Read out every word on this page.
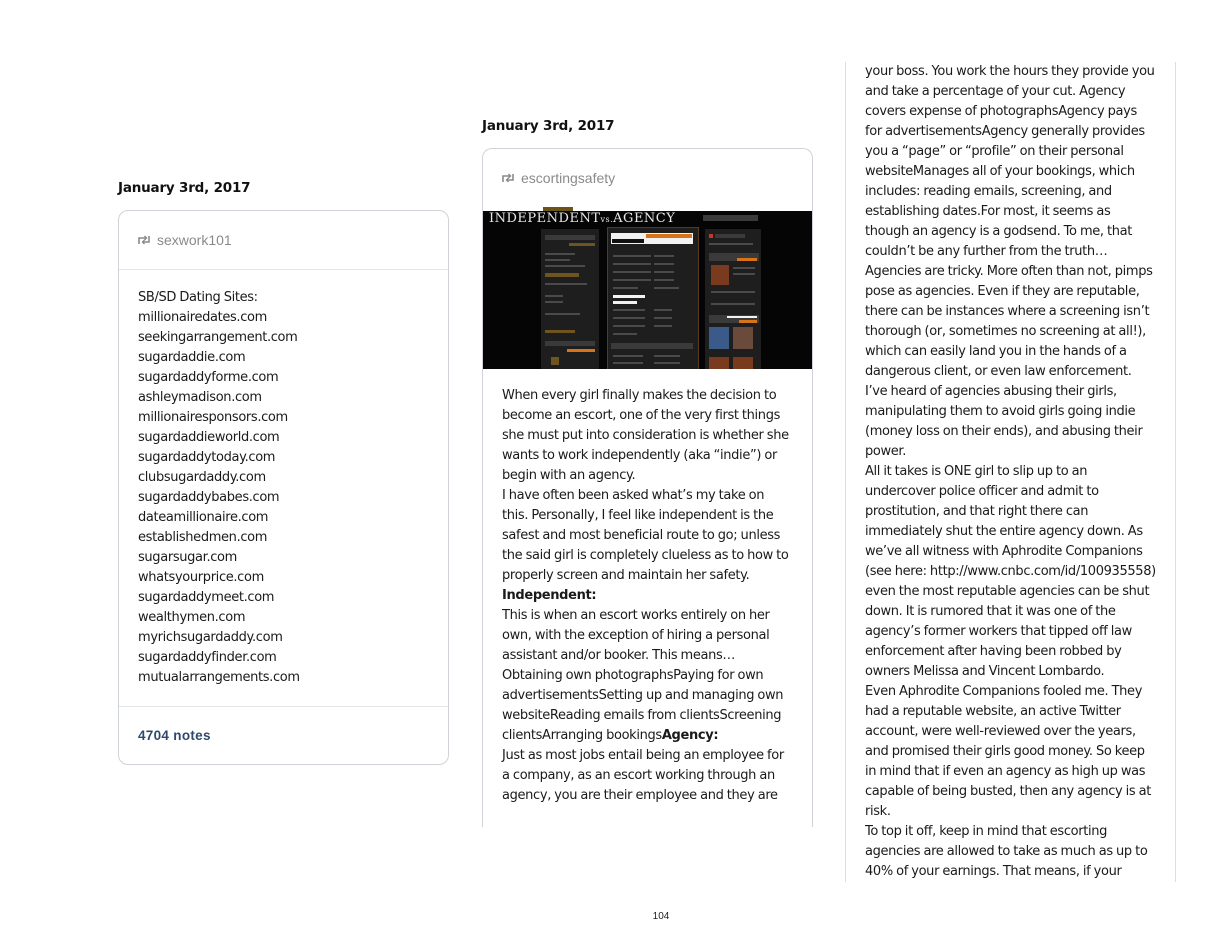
January 3rd, 2017
sexwork101
SB/SD Dating Sites:
millionairedates.com
seekingarrangement.com
sugardaddie.com
sugardaddyforme.com
ashleymadison.com
millionairesponsors.com
sugardaddieworld.com
sugardaddytoday.com
clubsugardaddy.com
sugardaddybabes.com
dateamillionaire.com
establishedmen.com
sugarsugar.com
whatsyourprice.com
sugardaddymeet.com
wealthymen.com
myrichsugardaddy.com
sugardaddyfinder.com
mutualarrangements.com
4704 notes
January 3rd, 2017
escortingsafety
INDEPENDENTvs.AGENCY

When every girl finally makes the decision to become an escort, one of the very first things she must put into consideration is whether she wants to work independently (aka “indie”) or begin with an agency.

I have often been asked what’s my take on this. Personally, I feel like independent is the safest and most beneficial route to go; unless the said girl is completely clueless as to how to properly screen and maintain her safety.

Independent:

This is when an escort works entirely on her own, with the exception of hiring a personal assistant and/or booker. This means…Obtaining own photographsPaying for own advertisementsSetting up and managing own websiteReading emails from clientsScreening clientsArranging bookingsAgency:

Just as most jobs entail being an employee for a company, as an escort working through an agency, you are their employee and they are

your boss. You work the hours they provide you and take a percentage of your cut. Agency covers expense of photographsAgency pays for advertisementsAgency generally provides you a “page” or “profile” on their personal websiteManages all of your bookings, which includes: reading emails, screening, and establishing dates.For most, it seems as though an agency is a godsend. To me, that couldn’t be any further from the truth…

Agencies are tricky. More often than not, pimps pose as agencies. Even if they are reputable, there can be instances where a screening isn’t thorough (or, sometimes no screening at all!), which can easily land you in the hands of a dangerous client, or even law enforcement. I’ve heard of agencies abusing their girls, manipulating them to avoid girls going indie (money loss on their ends), and abusing their power.

All it takes is ONE girl to slip up to an undercover police officer and admit to prostitution, and that right there can immediately shut the entire agency down. As we’ve all witness with Aphrodite Companions (see here: http://www.cnbc.com/id/100935558) even the most reputable agencies can be shut down. It is rumored that it was one of the agency’s former workers that tipped off law enforcement after having been robbed by owners Melissa and Vincent Lombardo.

Even Aphrodite Companions fooled me. They had a reputable website, an active Twitter account, were well-reviewed over the years, and promised their girls good money. So keep in mind that if even an agency as high up was capable of being busted, then any agency is at risk.

To top it off, keep in mind that escorting agencies are allowed to take as much as up to 40% of your earnings. That means, if your

104
